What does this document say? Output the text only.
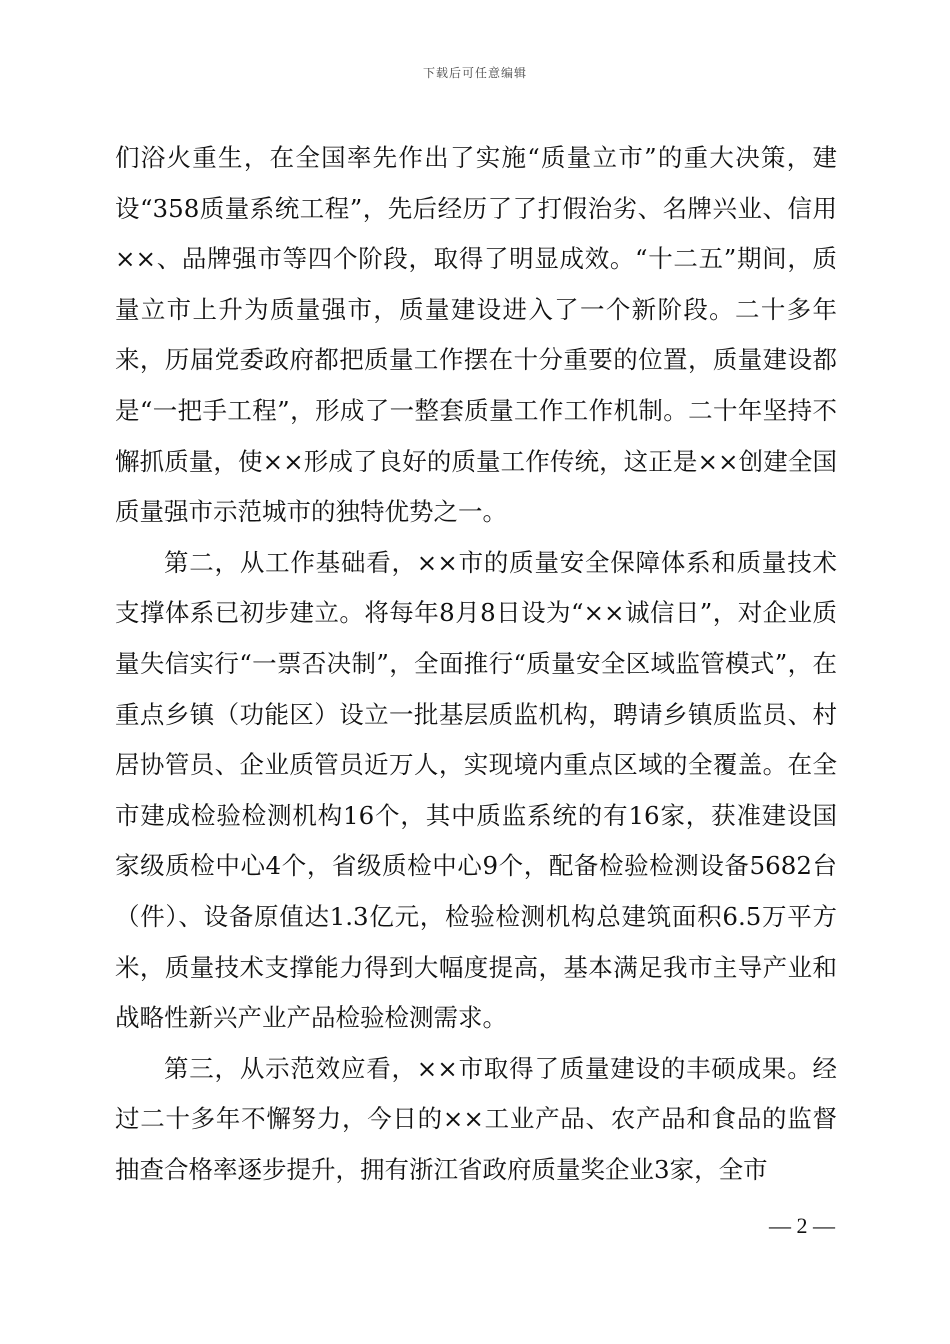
下载后可任意编辑

们浴火重生，在全国率先作出了实施“质量立市”的重大决策，建设“358质量系统工程”，先后经历了了打假治劣、名牌兴业、信用××、品牌强市等四个阶段，取得了明显成效。“十二五”期间，质量立市上升为质量强市，质量建设进入了一个新阶段。二十多年来，历届党委政府都把质量工作摆在十分重要的位置，质量建设都是“一把手工程”，形成了一整套质量工作工作机制。二十年坚持不懈抓质量，使××形成了良好的质量工作传统，这正是××创建全国质量强市示范城市的独特优势之一。

第二，从工作基础看，××市的质量安全保障体系和质量技术支撑体系已初步建立。将每年8月8日设为“××诚信日”，对企业质量失信实行“一票否决制”，全面推行“质量安全区域监管模式”，在重点乡镇（功能区）设立一批基层质监机构，聘请乡镇质监员、村居协管员、企业质管员近万人，实现境内重点区域的全覆盖。在全市建成检验检测机构16个，其中质监系统的有16家，获准建设国家级质检中心4个，省级质检中心9个，配备检验检测设备5682台（件）、设备原值达1.3亿元，检验检测机构总建筑面积6.5万平方米，质量技术支撑能力得到大幅度提高，基本满足我市主导产业和战略性新兴产业产品检验检测需求。

第三，从示范效应看，××市取得了质量建设的丰硕成果。经过二十多年不懈努力，今日的××工业产品、农产品和食品的监督抽查合格率逐步提升，拥有浙江省政府质量奖企业3家，全市

— 2 —
